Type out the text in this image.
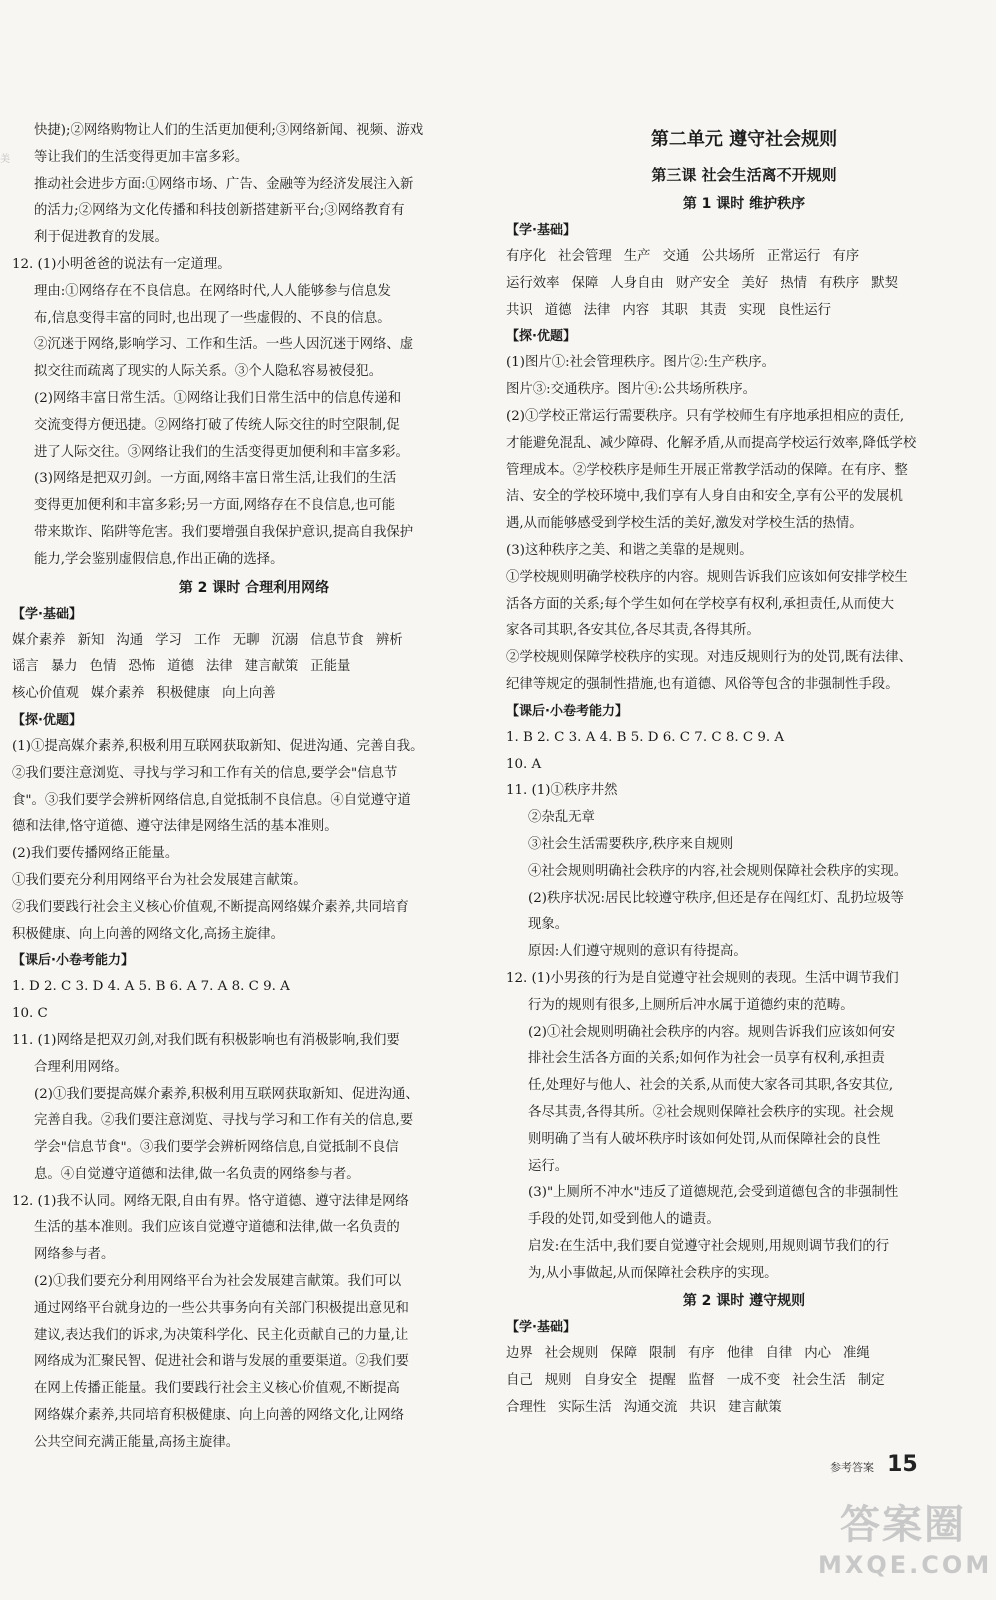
美

快捷);②网络购物让人们的生活更加便利;③网络新闻、视频、游戏

等让我们的生活变得更加丰富多彩。

推动社会进步方面:①网络市场、广告、金融等为经济发展注入新

的活力;②网络为文化传播和科技创新搭建新平台;③网络教育有

利于促进教育的发展。

12. (1)小明爸爸的说法有一定道理。

理由:①网络存在不良信息。在网络时代,人人能够参与信息发

布,信息变得丰富的同时,也出现了一些虚假的、不良的信息。

②沉迷于网络,影响学习、工作和生活。一些人因沉迷于网络、虚

拟交往而疏离了现实的人际关系。③个人隐私容易被侵犯。

(2)网络丰富日常生活。①网络让我们日常生活中的信息传递和

交流变得方便迅捷。②网络打破了传统人际交往的时空限制,促

进了人际交往。③网络让我们的生活变得更加便利和丰富多彩。

(3)网络是把双刃剑。一方面,网络丰富日常生活,让我们的生活

变得更加便利和丰富多彩;另一方面,网络存在不良信息,也可能

带来欺诈、陷阱等危害。我们要增强自我保护意识,提高自我保护

能力,学会鉴别虚假信息,作出正确的选择。

第 2 课时 合理利用网络
【学·基础】
媒介素养 新知 沟通 学习 工作 无聊 沉溺 信息节食 辨析
谣言 暴力 色情 恐怖 道德 法律 建言献策 正能量
核心价值观 媒介素养 积极健康 向上向善
【探·优题】

(1)①提高媒介素养,积极利用互联网获取新知、促进沟通、完善自我。

②我们要注意浏览、寻找与学习和工作有关的信息,要学会"信息节

食"。③我们要学会辨析网络信息,自觉抵制不良信息。④自觉遵守道

德和法律,恪守道德、遵守法律是网络生活的基本准则。

(2)我们要传播网络正能量。

①我们要充分利用网络平台为社会发展建言献策。

②我们要践行社会主义核心价值观,不断提高网络媒介素养,共同培育

积极健康、向上向善的网络文化,高扬主旋律。

【课后·小卷考能力】

1. D 2. C 3. D 4. A 5. B 6. A 7. A 8. C 9. A

10. C

11. (1)网络是把双刃剑,对我们既有积极影响也有消极影响,我们要

合理利用网络。

(2)①我们要提高媒介素养,积极利用互联网获取新知、促进沟通、

完善自我。②我们要注意浏览、寻找与学习和工作有关的信息,要

学会"信息节食"。③我们要学会辨析网络信息,自觉抵制不良信

息。④自觉遵守道德和法律,做一名负责的网络参与者。

12. (1)我不认同。网络无限,自由有界。恪守道德、遵守法律是网络

生活的基本准则。我们应该自觉遵守道德和法律,做一名负责的

网络参与者。

(2)①我们要充分利用网络平台为社会发展建言献策。我们可以

通过网络平台就身边的一些公共事务向有关部门积极提出意见和

建议,表达我们的诉求,为决策科学化、民主化贡献自己的力量,让

网络成为汇聚民智、促进社会和谐与发展的重要渠道。②我们要

在网上传播正能量。我们要践行社会主义核心价值观,不断提高

网络媒介素养,共同培育积极健康、向上向善的网络文化,让网络

公共空间充满正能量,高扬主旋律。

第二单元 遵守社会规则
第三课 社会生活离不开规则
第 1 课时 维护秩序
【学·基础】
有序化 社会管理 生产 交通 公共场所 正常运行 有序
运行效率 保障 人身自由 财产安全 美好 热情 有秩序 默契
共识 道德 法律 内容 其职 其责 实现 良性运行
【探·优题】

(1)图片①:社会管理秩序。图片②:生产秩序。

图片③:交通秩序。图片④:公共场所秩序。

(2)①学校正常运行需要秩序。只有学校师生有序地承担相应的责任,

才能避免混乱、减少障碍、化解矛盾,从而提高学校运行效率,降低学校

管理成本。②学校秩序是师生开展正常教学活动的保障。在有序、整

洁、安全的学校环境中,我们享有人身自由和安全,享有公平的发展机

遇,从而能够感受到学校生活的美好,激发对学校生活的热情。

(3)这种秩序之美、和谐之美靠的是规则。

①学校规则明确学校秩序的内容。规则告诉我们应该如何安排学校生

活各方面的关系;每个学生如何在学校享有权利,承担责任,从而使大

家各司其职,各安其位,各尽其责,各得其所。

②学校规则保障学校秩序的实现。对违反规则行为的处罚,既有法律、

纪律等规定的强制性措施,也有道德、风俗等包含的非强制性手段。

【课后·小卷考能力】

1. B 2. C 3. A 4. B 5. D 6. C 7. C 8. C 9. A

10. A

11. (1)①秩序井然

②杂乱无章

③社会生活需要秩序,秩序来自规则

④社会规则明确社会秩序的内容,社会规则保障社会秩序的实现。

(2)秩序状况:居民比较遵守秩序,但还是存在闯红灯、乱扔垃圾等

现象。

原因:人们遵守规则的意识有待提高。

12. (1)小男孩的行为是自觉遵守社会规则的表现。生活中调节我们

行为的规则有很多,上厕所后冲水属于道德约束的范畴。

(2)①社会规则明确社会秩序的内容。规则告诉我们应该如何安

排社会生活各方面的关系;如何作为社会一员享有权利,承担责

任,处理好与他人、社会的关系,从而使大家各司其职,各安其位,

各尽其责,各得其所。②社会规则保障社会秩序的实现。社会规

则明确了当有人破坏秩序时该如何处罚,从而保障社会的良性

运行。

(3)"上厕所不冲水"违反了道德规范,会受到道德包含的非强制性

手段的处罚,如受到他人的谴责。

启发:在生活中,我们要自觉遵守社会规则,用规则调节我们的行

为,从小事做起,从而保障社会秩序的实现。

第 2 课时 遵守规则
【学·基础】
边界 社会规则 保障 限制 有序 他律 自律 内心 准绳
自己 规则 自身安全 提醒 监督 一成不变 社会生活 制定
合理性 实际生活 沟通交流 共识 建言献策
参考答案 15
答案圈
MXQE.COM
